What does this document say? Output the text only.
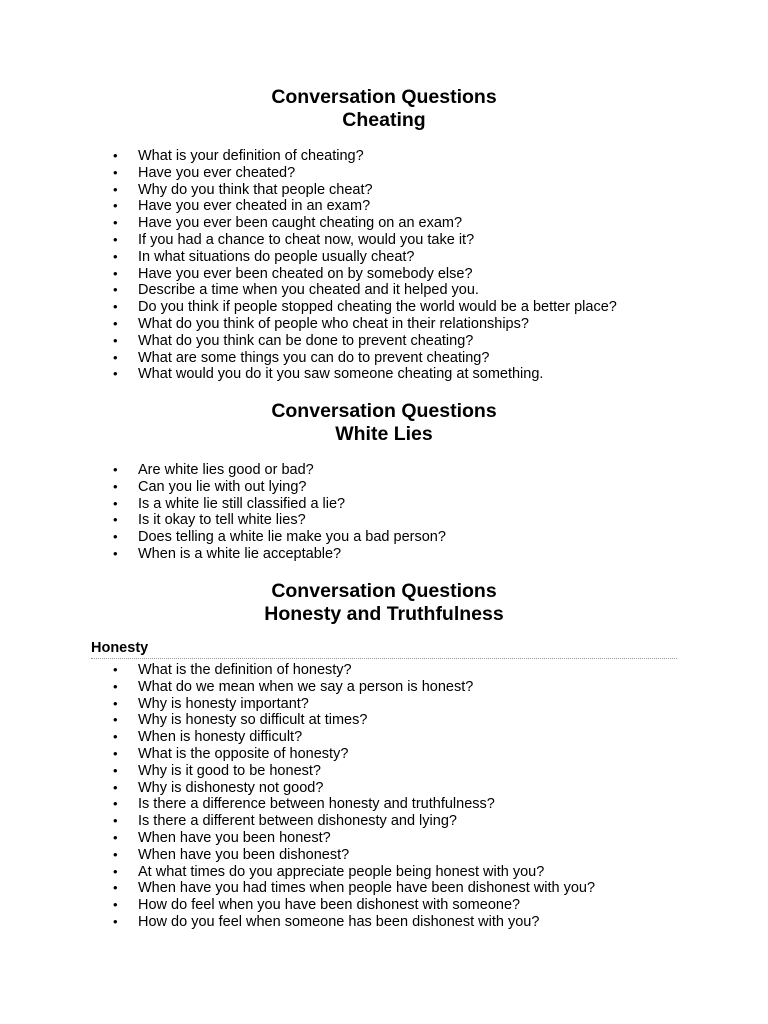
Conversation Questions
Cheating
• What is your definition of cheating?
• Have you ever cheated?
• Why do you think that people cheat?
• Have you ever cheated in an exam?
• Have you ever been caught cheating on an exam?
• If you had a chance to cheat now, would you take it?
• In what situations do people usually cheat?
• Have you ever been cheated on by somebody else?
• Describe a time when you cheated and it helped you.
• Do you think if people stopped cheating the world would be a better place?
• What do you think of people who cheat in their relationships?
• What do you think can be done to prevent cheating?
• What are some things you can do to prevent cheating?
• What would you do it you saw someone cheating at something.
Conversation Questions
White Lies
• Are white lies good or bad?
• Can you lie with out lying?
• Is a white lie still classified a lie?
• Is it okay to tell white lies?
• Does telling a white lie make you a bad person?
• When is a white lie acceptable?
Conversation Questions
Honesty and Truthfulness
Honesty
• What is the definition of honesty?
• What do we mean when we say a person is honest?
• Why is honesty important?
• Why is honesty so difficult at times?
• When is honesty difficult?
• What is the opposite of honesty?
• Why is it good to be honest?
• Why is dishonesty not good?
• Is there a difference between honesty and truthfulness?
• Is there a different between dishonesty and lying?
• When have you been honest?
• When have you been dishonest?
• At what times do you appreciate people being honest with you?
• When have you had times when people have been dishonest with you?
• How do feel when you have been dishonest with someone?
• How do you feel when someone has been dishonest with you?
